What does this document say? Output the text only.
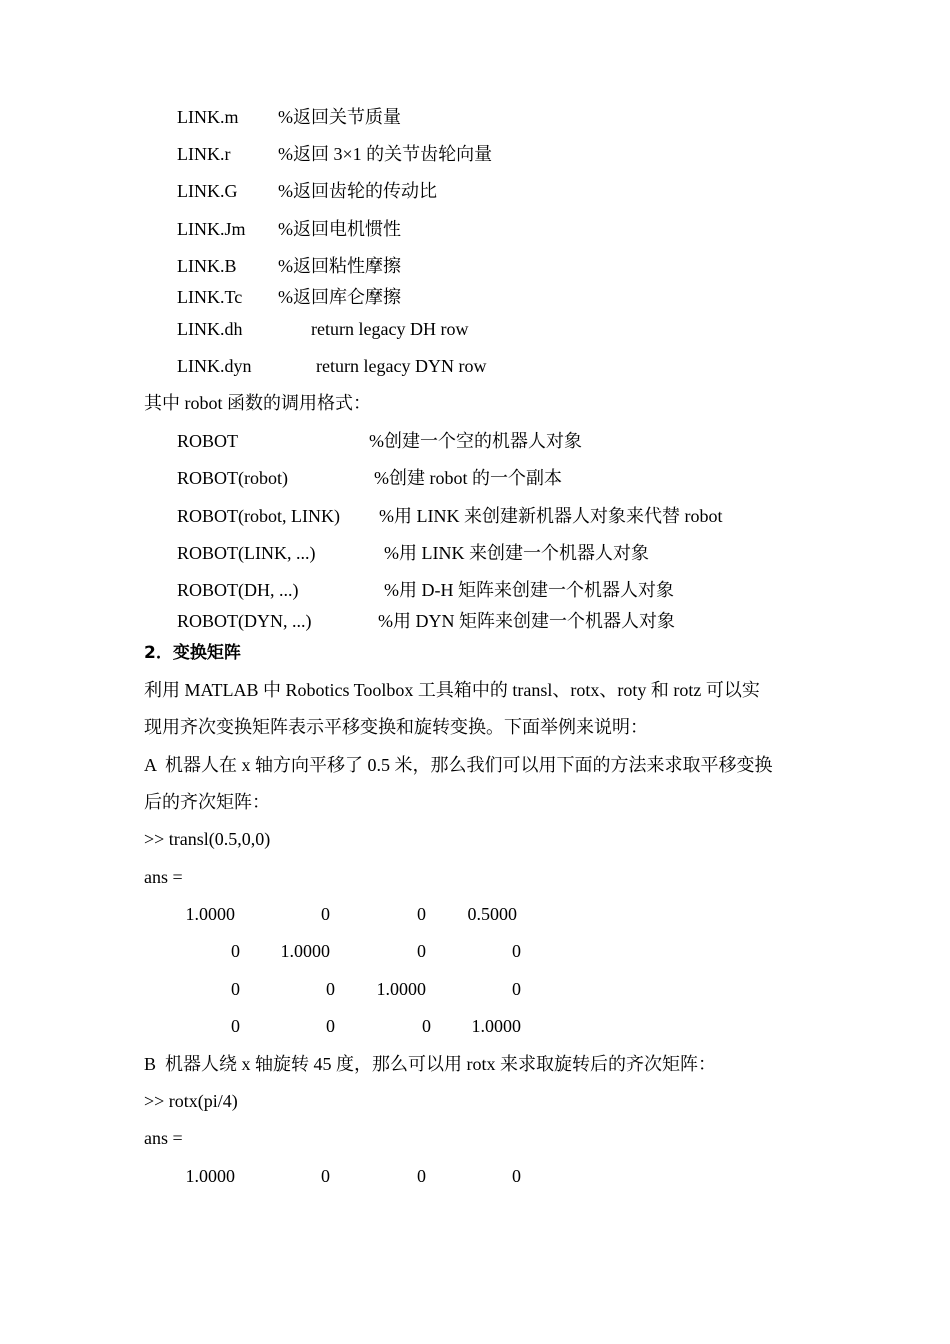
LINK.m %返回关节质量
LINK.r	%返回 3×1 的关节齿轮向量
LINK.G %返回齿轮的传动比
LINK.Jm %返回电机惯性
LINK.B %返回粘性摩擦
LINK.Tc %返回库仑摩擦
LINK.dh	return legacy DH row
LINK.dyn	return legacy DYN row
其中 robot 函数的调用格式：
ROBOT	%创建一个空的机器人对象
ROBOT(robot)	%创建 robot 的一个副本
ROBOT(robot, LINK) %用 LINK 来创建新机器人对象来代替 robot
ROBOT(LINK, ...)	%用 LINK 来创建一个机器人对象
ROBOT(DH, ...)	%用 D-H 矩阵来创建一个机器人对象
ROBOT(DYN, ...)	%用 DYN 矩阵来创建一个机器人对象
2．变换矩阵
利用 MATLAB 中 Robotics Toolbox 工具箱中的 transl、rotx、roty 和 rotz 可以实
现用齐次变换矩阵表示平移变换和旋转变换。下面举例来说明：
A  机器人在 x 轴方向平移了 0.5 米，那么我们可以用下面的方法来求取平移变换
后的齐次矩阵：
>> transl(0.5,0,0)
ans =
1.0000	0	0	0.5000
0	1.0000	0	0
0	0	1.0000	0
0	0	0	1.0000
B  机器人绕 x 轴旋转 45 度，那么可以用 rotx 来求取旋转后的齐次矩阵：
>> rotx(pi/4)
ans =
1.0000	0	0	0
